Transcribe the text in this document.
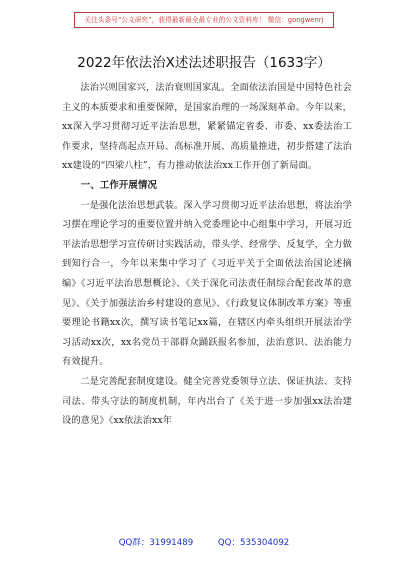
关注头条号“公文研究”，获得最新最全最专业的公文资料库！ 微信：gongwenrj
2022年依法治X述法述职报告（1633字）

法治兴则国家兴，法治衰则国家乱。全面依法治国是中国特色社会主义的本质要求和重要保障，是国家治理的一场深刻革命。今年以来，xx深入学习贯彻习近平法治思想，紧紧锚定省委、市委、xx委法治工作要求，坚持高起点开局、高标准开展、高质量推进，初步搭建了法治xx建设的“四梁八柱”，有力推动依法治xx工作开创了新局面。

一、工作开展情况

一是强化法治思想武装。深入学习贯彻习近平法治思想，将法治学习摆在理论学习的重要位置并纳入党委理论中心组集中学习，开展习近平法治思想学习宣传研讨实践活动，带头学、经常学、反复学，全力做到知行合一，今年以来集中学习了《习近平关于全面依法治国论述摘编》《习近平法治思想概论》、《关于深化司法责任制综合配套改革的意见》、《关于加强法治乡村建设的意见》、《行政复议体制改革方案》等重要理论书籍xx次，撰写读书笔记xx篇，在辖区内牵头组织开展法治学习活动xx次，xx名党员干部群众踊跃报名参加，法治意识、法治能力有效提升。

二是完善配套制度建设。健全完善党委领导立法、保证执法、支持司法、带头守法的制度机制，年内出台了《关于进一步加强xx法治建设的意见》《xx依法治xx年

QQ群：31991489	QQ：535304092
